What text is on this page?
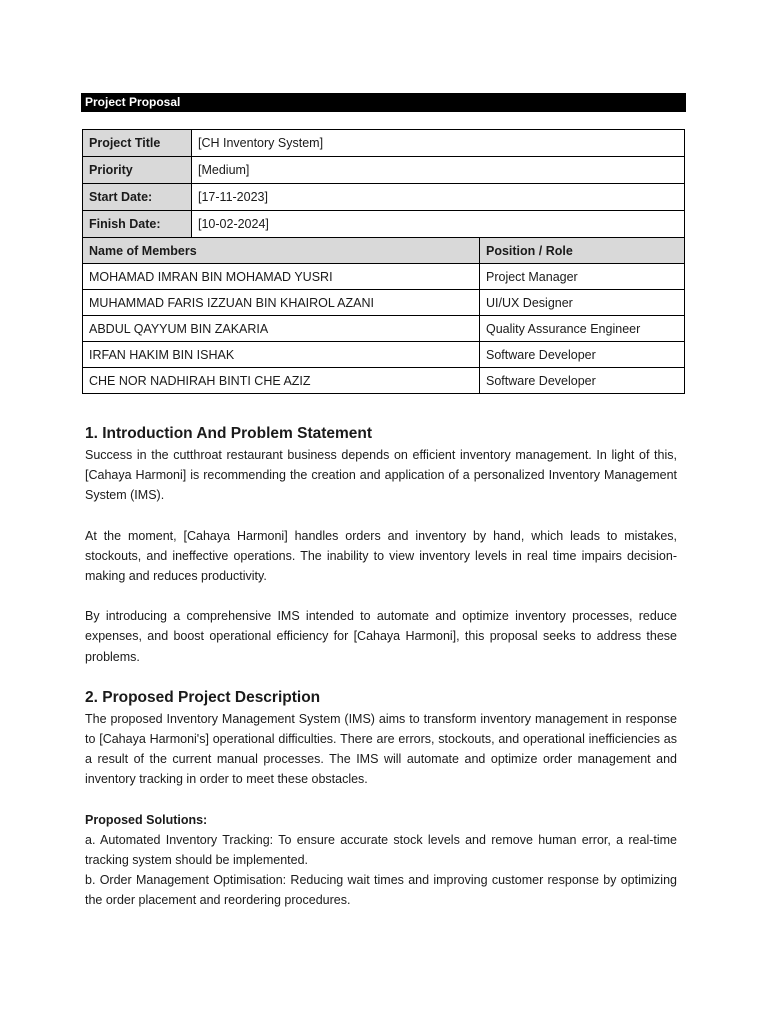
Project Proposal
Project Title	[CH Inventory System]	
Priority	[Medium]	
Start Date:	[17-11-2023]	
Finish Date:	[10-02-2024]	
Name of Members		Position / Role
MOHAMAD IMRAN BIN MOHAMAD YUSRI		Project Manager
MUHAMMAD FARIS IZZUAN BIN KHAIROL AZANI		UI/UX Designer
ABDUL QAYYUM BIN ZAKARIA		Quality Assurance Engineer
IRFAN HAKIM BIN ISHAK		Software Developer
CHE NOR NADHIRAH BINTI CHE AZIZ		Software Developer
1. Introduction And Problem Statement

Success in the cutthroat restaurant business depends on efficient inventory management. In light of this, [Cahaya Harmoni] is recommending the creation and application of a personalized Inventory Management System (IMS).

At the moment, [Cahaya Harmoni] handles orders and inventory by hand, which leads to mistakes, stockouts, and ineffective operations. The inability to view inventory levels in real time impairs decision-making and reduces productivity.

By introducing a comprehensive IMS intended to automate and optimize inventory processes, reduce expenses, and boost operational efficiency for [Cahaya Harmoni], this proposal seeks to address these problems.

2. Proposed Project Description

The proposed Inventory Management System (IMS) aims to transform inventory management in response to [Cahaya Harmoni's] operational difficulties. There are errors, stockouts, and operational inefficiencies as a result of the current manual processes. The IMS will automate and optimize order management and inventory tracking in order to meet these obstacles.

Proposed Solutions:

a. Automated Inventory Tracking: To ensure accurate stock levels and remove human error, a real-time tracking system should be implemented.

b. Order Management Optimisation: Reducing wait times and improving customer response by optimizing the order placement and reordering procedures.
